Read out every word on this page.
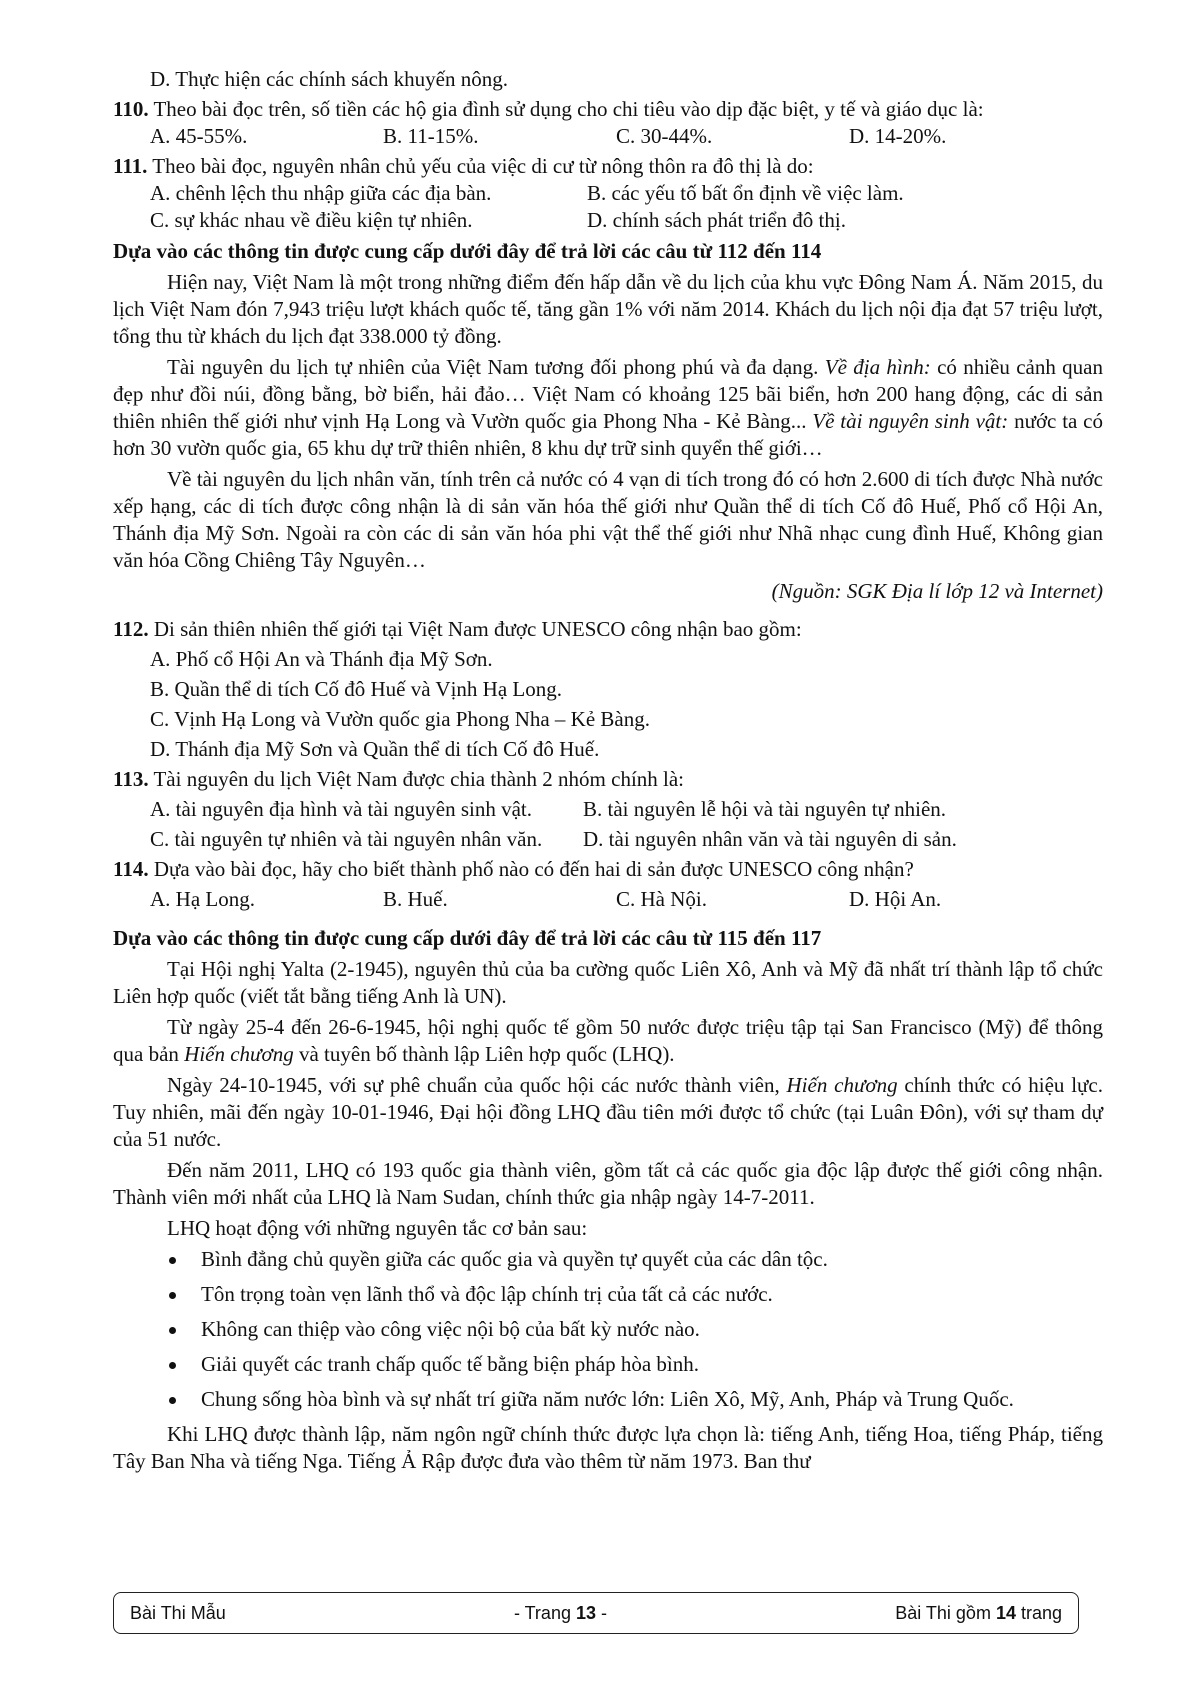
D. Thực hiện các chính sách khuyến nông.
110. Theo bài đọc trên, số tiền các hộ gia đình sử dụng cho chi tiêu vào dịp đặc biệt, y tế và giáo dục là:
A. 45-55%.	B. 11-15%.	C. 30-44%.	D. 14-20%.
111. Theo bài đọc, nguyên nhân chủ yếu của việc di cư từ nông thôn ra đô thị là do:
A. chênh lệch thu nhập giữa các địa bàn.	B. các yếu tố bất ổn định về việc làm.
C. sự khác nhau về điều kiện tự nhiên.	D. chính sách phát triển đô thị.
Dựa vào các thông tin được cung cấp dưới đây để trả lời các câu từ 112 đến 114
Hiện nay, Việt Nam là một trong những điểm đến hấp dẫn về du lịch của khu vực Đông Nam Á. Năm 2015, du lịch Việt Nam đón 7,943 triệu lượt khách quốc tế, tăng gần 1% với năm 2014. Khách du lịch nội địa đạt 57 triệu lượt, tổng thu từ khách du lịch đạt 338.000 tỷ đồng.
Tài nguyên du lịch tự nhiên của Việt Nam tương đối phong phú và đa dạng. Về địa hình: có nhiều cảnh quan đẹp như đồi núi, đồng bằng, bờ biển, hải đảo… Việt Nam có khoảng 125 bãi biển, hơn 200 hang động, các di sản thiên nhiên thế giới như vịnh Hạ Long và Vườn quốc gia Phong Nha - Kẻ Bàng... Về tài nguyên sinh vật: nước ta có hơn 30 vườn quốc gia, 65 khu dự trữ thiên nhiên, 8 khu dự trữ sinh quyển thế giới…
Về tài nguyên du lịch nhân văn, tính trên cả nước có 4 vạn di tích trong đó có hơn 2.600 di tích được Nhà nước xếp hạng, các di tích được công nhận là di sản văn hóa thế giới như Quần thể di tích Cố đô Huế, Phố cổ Hội An, Thánh địa Mỹ Sơn. Ngoài ra còn các di sản văn hóa phi vật thể thế giới như Nhã nhạc cung đình Huế, Không gian văn hóa Cồng Chiêng Tây Nguyên…
(Nguồn: SGK Địa lí lớp 12 và Internet)
112. Di sản thiên nhiên thế giới tại Việt Nam được UNESCO công nhận bao gồm:
A. Phố cổ Hội An và Thánh địa Mỹ Sơn.
B. Quần thể di tích Cố đô Huế và Vịnh Hạ Long.
C. Vịnh Hạ Long và Vườn quốc gia Phong Nha – Kẻ Bàng.
D. Thánh địa Mỹ Sơn và Quần thể di tích Cố đô Huế.
113. Tài nguyên du lịch Việt Nam được chia thành 2 nhóm chính là:
A. tài nguyên địa hình và tài nguyên sinh vật.	B. tài nguyên lễ hội và tài nguyên tự nhiên.
C. tài nguyên tự nhiên và tài nguyên nhân văn.	D. tài nguyên nhân văn và tài nguyên di sản.
114. Dựa vào bài đọc, hãy cho biết thành phố nào có đến hai di sản được UNESCO công nhận?
A. Hạ Long.	B. Huế.	C. Hà Nội.	D. Hội An.
Dựa vào các thông tin được cung cấp dưới đây để trả lời các câu từ 115 đến 117
Tại Hội nghị Yalta (2-1945), nguyên thủ của ba cường quốc Liên Xô, Anh và Mỹ đã nhất trí thành lập tổ chức Liên hợp quốc (viết tắt bằng tiếng Anh là UN).
Từ ngày 25-4 đến 26-6-1945, hội nghị quốc tế gồm 50 nước được triệu tập tại San Francisco (Mỹ) để thông qua bản Hiến chương và tuyên bố thành lập Liên hợp quốc (LHQ).
Ngày 24-10-1945, với sự phê chuẩn của quốc hội các nước thành viên, Hiến chương chính thức có hiệu lực. Tuy nhiên, mãi đến ngày 10-01-1946, Đại hội đồng LHQ đầu tiên mới được tổ chức (tại Luân Đôn), với sự tham dự của 51 nước.
Đến năm 2011, LHQ có 193 quốc gia thành viên, gồm tất cả các quốc gia độc lập được thế giới công nhận. Thành viên mới nhất của LHQ là Nam Sudan, chính thức gia nhập ngày 14-7-2011.
LHQ hoạt động với những nguyên tắc cơ bản sau:
Bình đẳng chủ quyền giữa các quốc gia và quyền tự quyết của các dân tộc.
Tôn trọng toàn vẹn lãnh thổ và độc lập chính trị của tất cả các nước.
Không can thiệp vào công việc nội bộ của bất kỳ nước nào.
Giải quyết các tranh chấp quốc tế bằng biện pháp hòa bình.
Chung sống hòa bình và sự nhất trí giữa năm nước lớn: Liên Xô, Mỹ, Anh, Pháp và Trung Quốc.
Khi LHQ được thành lập, năm ngôn ngữ chính thức được lựa chọn là: tiếng Anh, tiếng Hoa, tiếng Pháp, tiếng Tây Ban Nha và tiếng Nga. Tiếng Ả Rập được đưa vào thêm từ năm 1973. Ban thư
Bài Thi Mẫu	- Trang 13 -	Bài Thi gồm 14 trang
